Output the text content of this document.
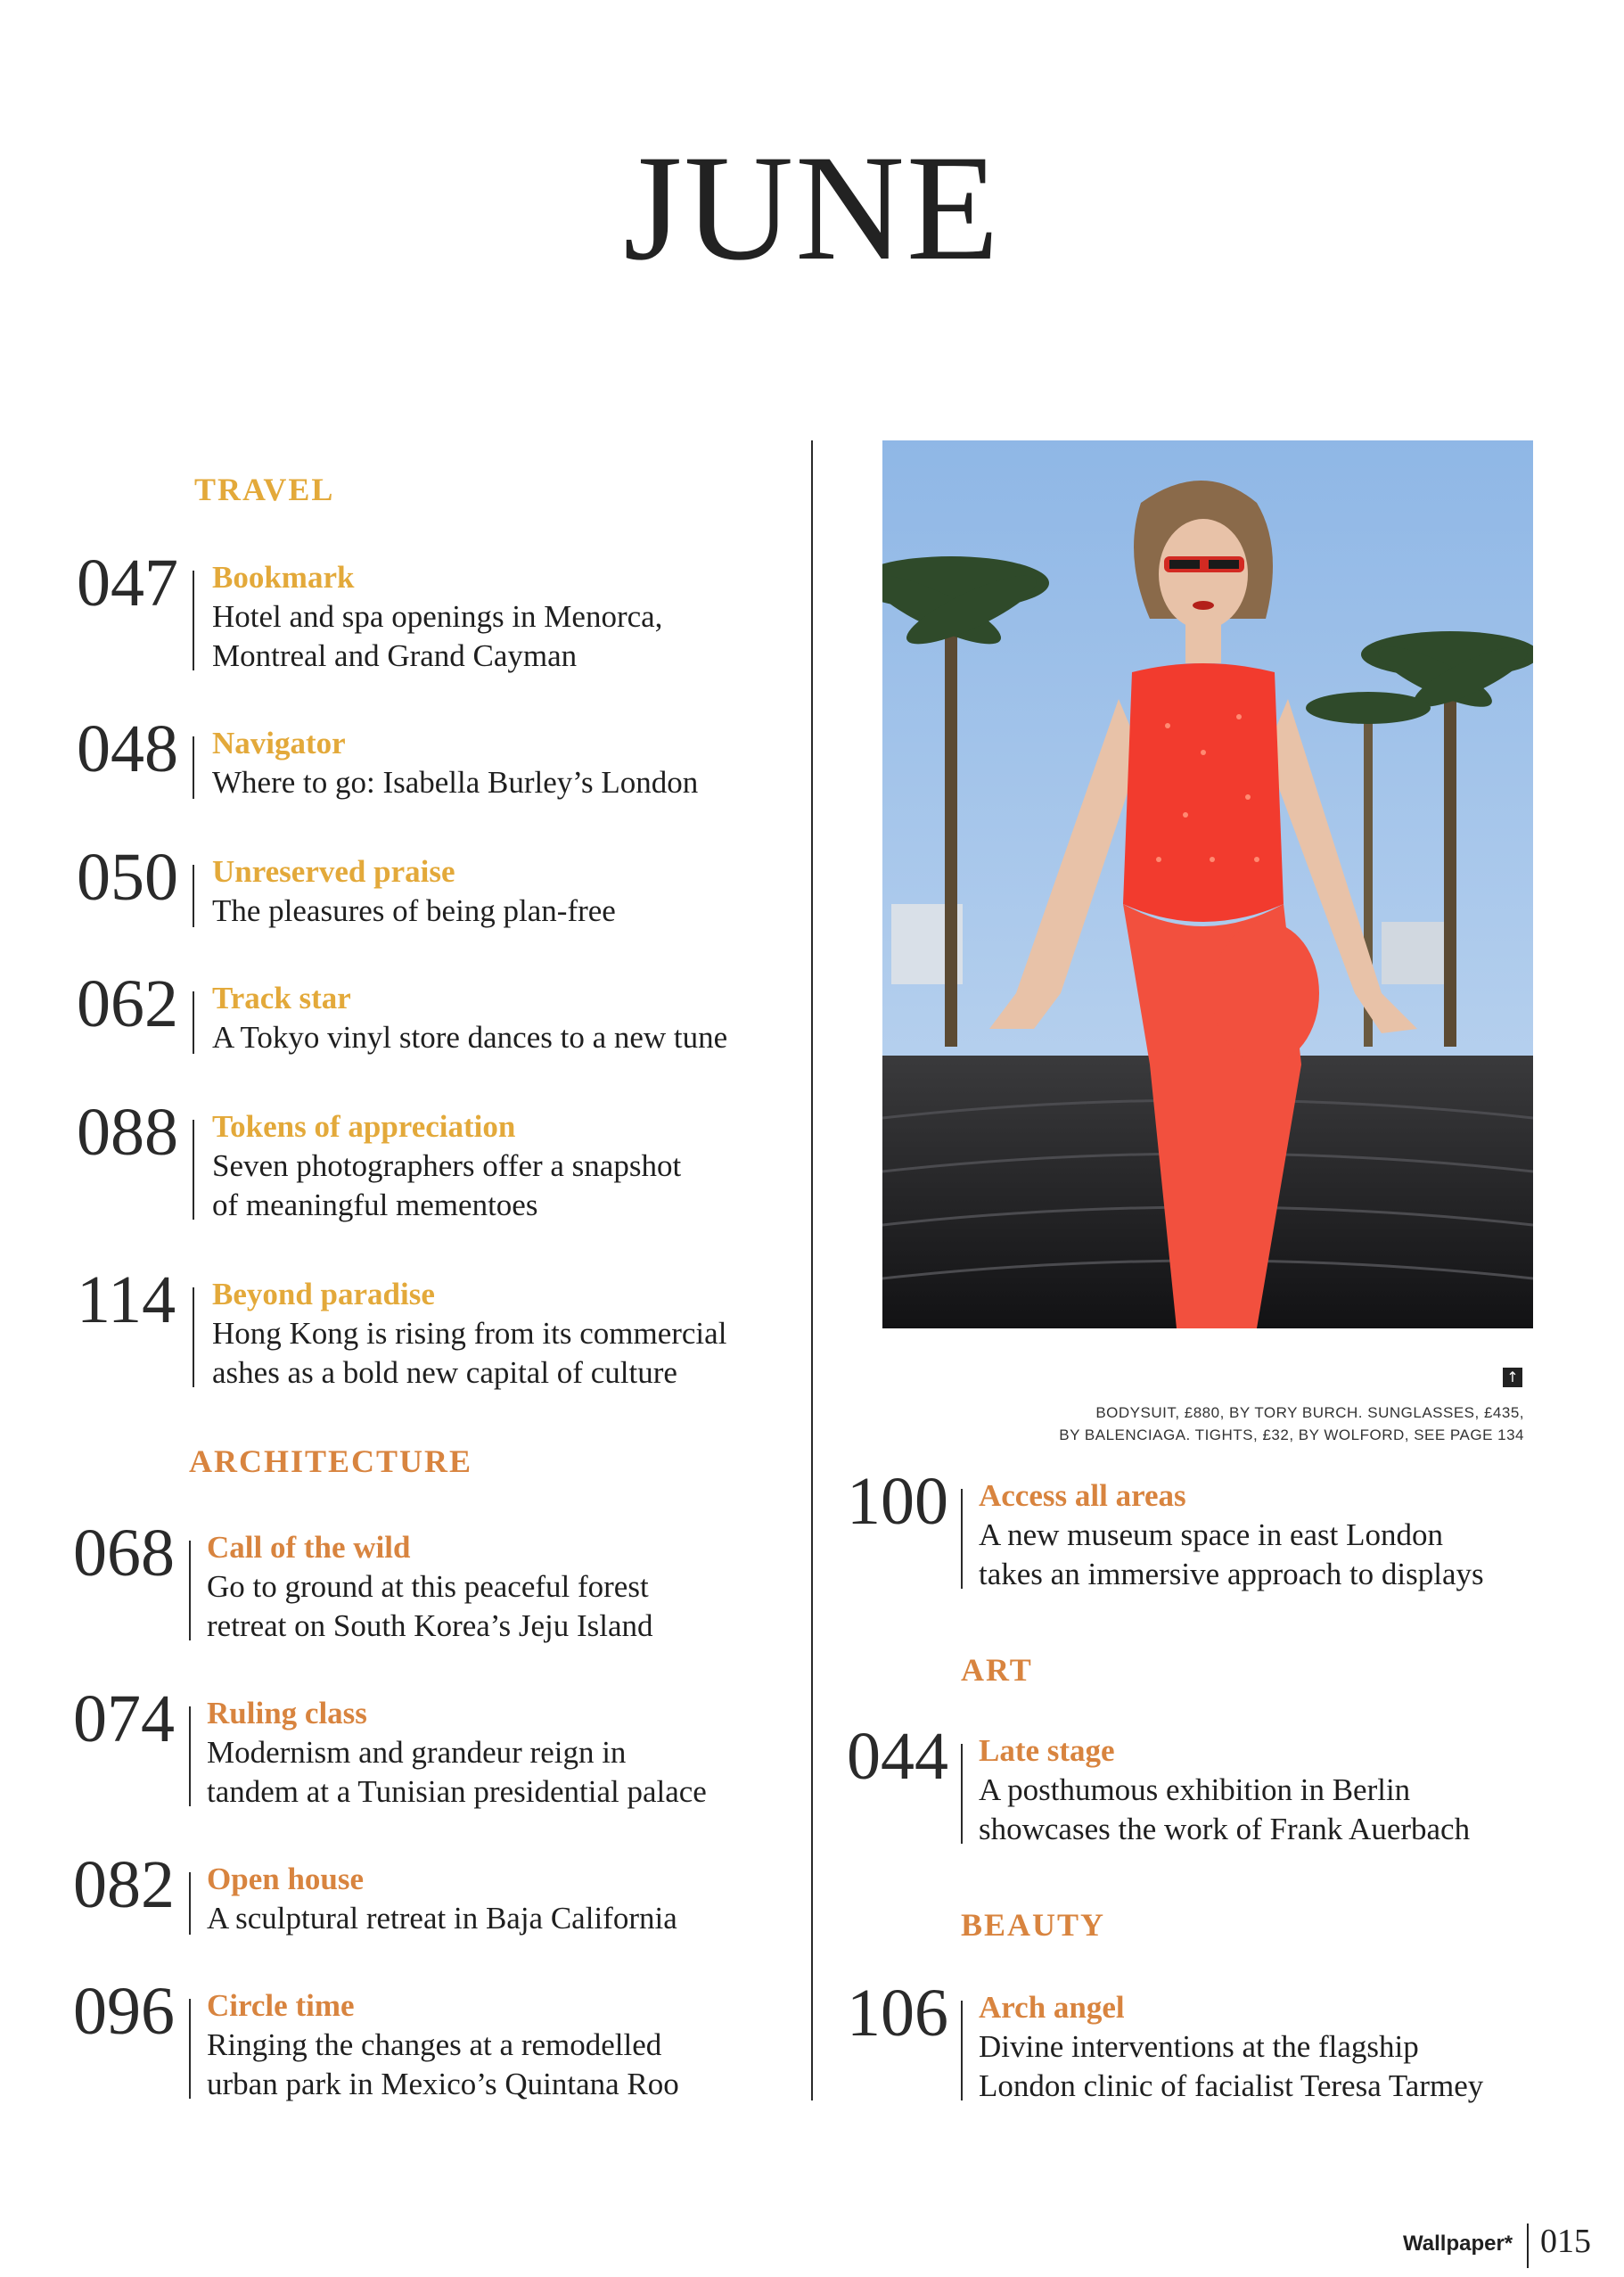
JUNE
TRAVEL
047 Bookmark
Hotel and spa openings in Menorca,
Montreal and Grand Cayman
048 Navigator
Where to go: Isabella Burley’s London
050 Unreserved praise
The pleasures of being plan-free
062 Track star
A Tokyo vinyl store dances to a new tune
088 Tokens of appreciation
Seven photographers offer a snapshot
of meaningful mementoes
114 Beyond paradise
Hong Kong is rising from its commercial
ashes as a bold new capital of culture
ARCHITECTURE
068 Call of the wild
Go to ground at this peaceful forest
retreat on South Korea’s Jeju Island
074 Ruling class
Modernism and grandeur reign in
tandem at a Tunisian presidential palace
082 Open house
A sculptural retreat in Baja California
096 Circle time
Ringing the changes at a remodelled
urban park in Mexico’s Quintana Roo
↑
BODYSUIT, £880, BY TORY BURCH. SUNGLASSES, £435,
BY BALENCIAGA. TIGHTS, £32, BY WOLFORD, SEE PAGE 134
100 Access all areas
A new museum space in east London
takes an immersive approach to displays
ART
044 Late stage
A posthumous exhibition in Berlin
showcases the work of Frank Auerbach
BEAUTY
106 Arch angel
Divine interventions at the flagship
London clinic of facialist Teresa Tarmey
Wallpaper* 015
